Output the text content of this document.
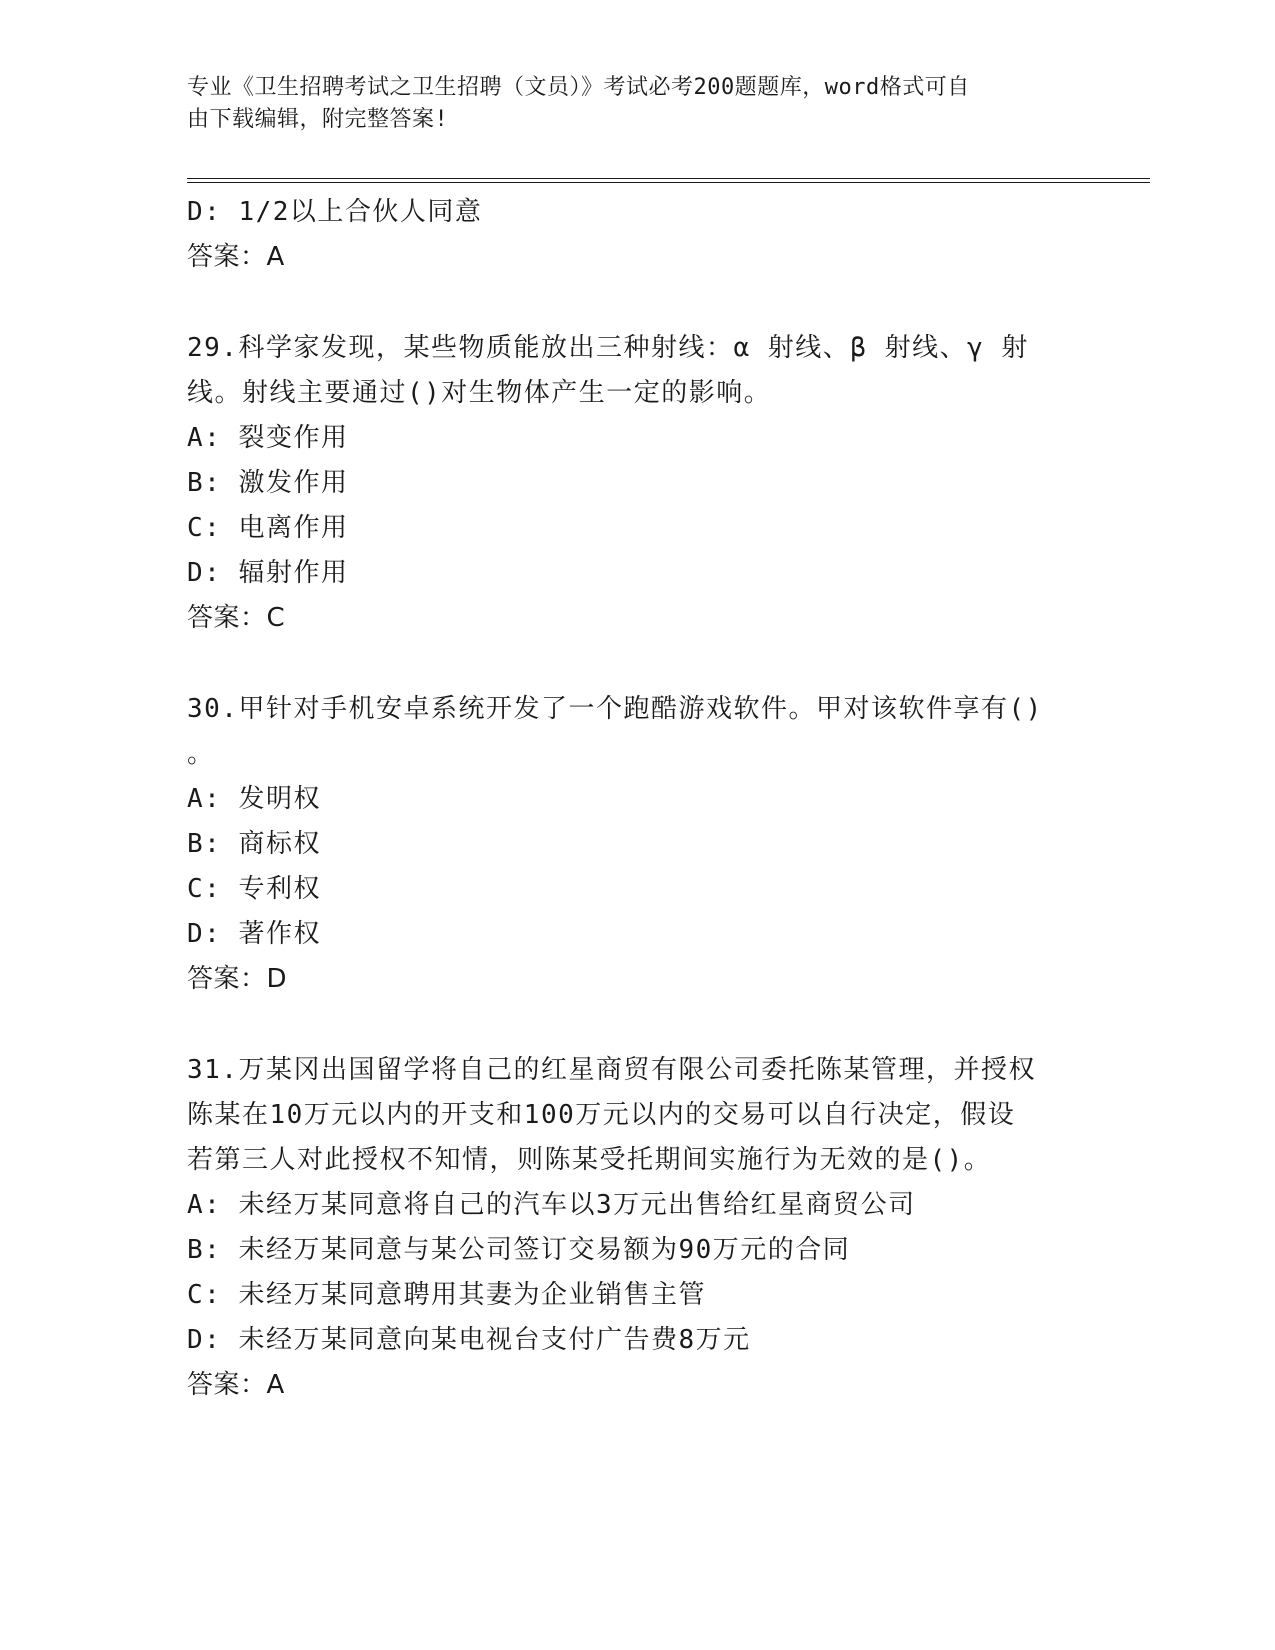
专业《卫生招聘考试之卫生招聘（文员）》考试必考200题题库，word格式可自
由下载编辑，附完整答案!
D: 1/2以上合伙人同意
答案：A
29.科学家发现，某些物质能放出三种射线：α 射线、β 射线、γ 射
线。射线主要通过()对生物体产生一定的影响。
A: 裂变作用
B: 激发作用
C: 电离作用
D: 辐射作用
答案：C
30.甲针对手机安卓系统开发了一个跑酷游戏软件。甲对该软件享有()
。
A: 发明权
B: 商标权
C: 专利权
D: 著作权
答案：D
31.万某冈出国留学将自己的红星商贸有限公司委托陈某管理，并授权
陈某在10万元以内的开支和100万元以内的交易可以自行决定，假设
若第三人对此授权不知情，则陈某受托期间实施行为无效的是()。
A: 未经万某同意将自己的汽车以3万元出售给红星商贸公司
B: 未经万某同意与某公司签订交易额为90万元的合同
C: 未经万某同意聘用其妻为企业销售主管
D: 未经万某同意向某电视台支付广告费8万元
答案：A
